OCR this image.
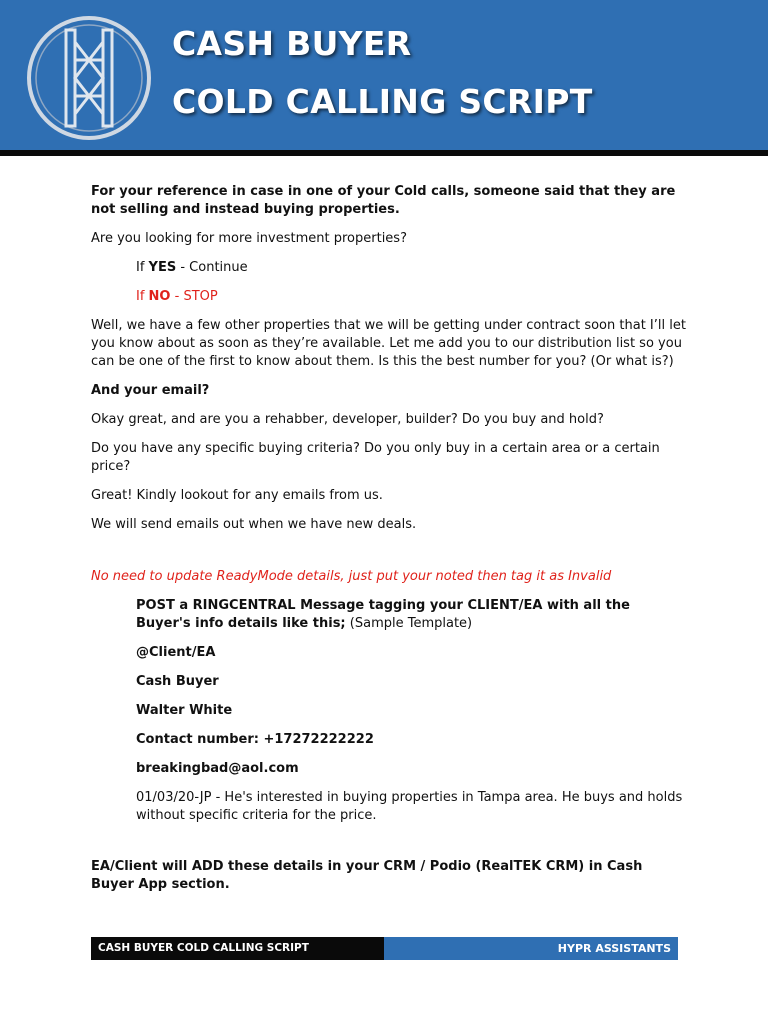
CASH BUYER
COLD CALLING SCRIPT

For your reference in case in one of your Cold calls, someone said that they are not selling and instead buying properties.

Are you looking for more investment properties?

If YES - Continue

If NO - STOP

Well, we have a few other properties that we will be getting under contract soon that I’ll let you know about as soon as they’re available. Let me add you to our distribution list so you can be one of the first to know about them. Is this the best number for you? (Or what is?)

And your email?

Okay great, and are you a rehabber, developer, builder? Do you buy and hold?

Do you have any specific buying criteria? Do you only buy in a certain area or a certain price?

Great! Kindly lookout for any emails from us.

We will send emails out when we have new deals.

No need to update ReadyMode details, just put your noted then tag it as Invalid

POST a RINGCENTRAL Message tagging your CLIENT/EA with all the Buyer's info details like this; (Sample Template)

@Client/EA

Cash Buyer

Walter White

Contact number: +17272222222

breakingbad@aol.com

01/03/20-JP - He's interested in buying properties in Tampa area. He buys and holds without specific criteria for the price.

EA/Client will ADD these details in your CRM / Podio (RealTEK CRM) in Cash Buyer App section.

CASH BUYER COLD CALLING SCRIPT	HYPR ASSISTANTS
